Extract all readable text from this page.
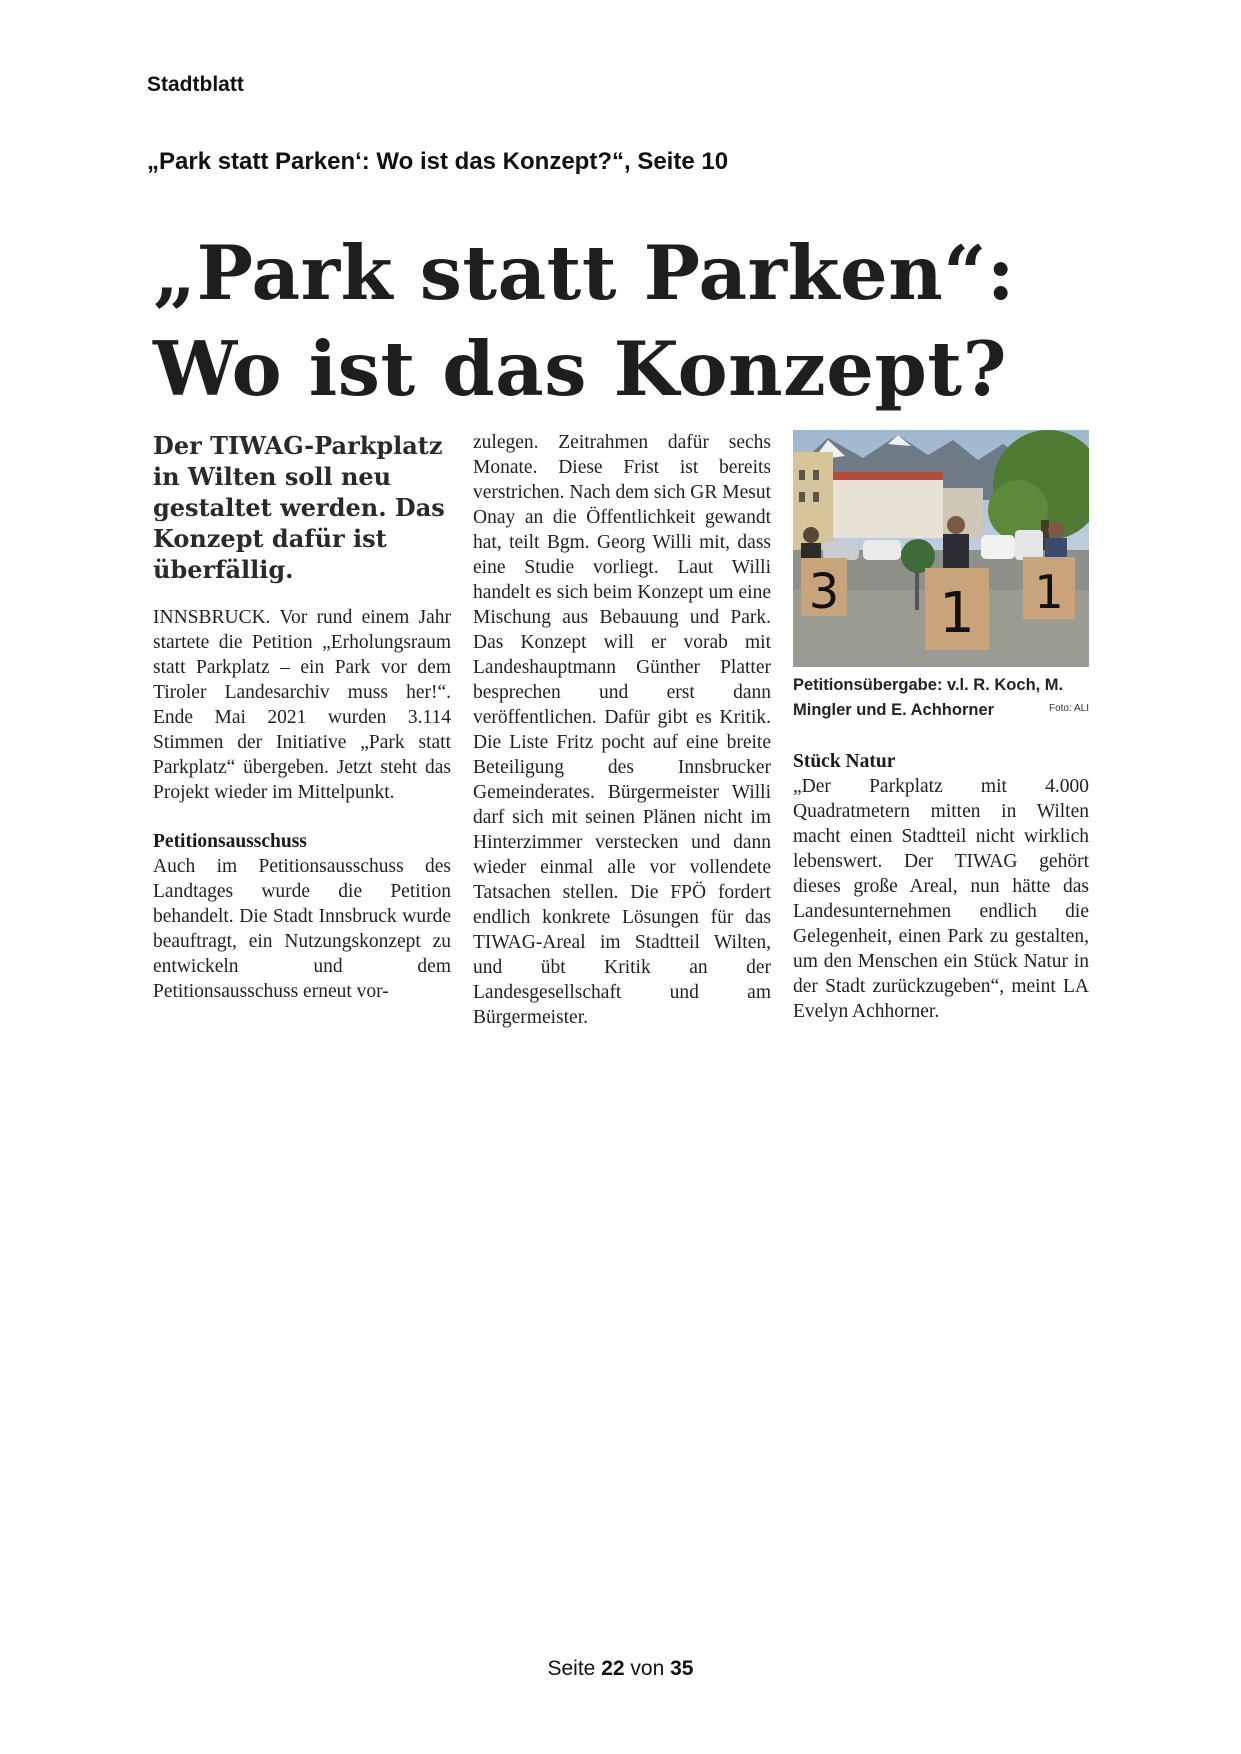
Stadtblatt
„Park statt Parken‘: Wo ist das Konzept?“, Seite 10
„Park statt Parken“:
Wo ist das Konzept?

Der TIWAG-Parkplatz in Wilten soll neu gestaltet werden. Das Konzept dafür ist überfällig.

INNSBRUCK. Vor rund einem Jahr startete die Petition „Erholungsraum statt Parkplatz – ein Park vor dem Tiroler Landesarchiv muss her!“. Ende Mai 2021 wurden 3.114 Stimmen der Initiative „Park statt Parkplatz“ übergeben. Jetzt steht das Projekt wieder im Mittelpunkt.

Petitionsausschuss

Auch im Petitionsausschuss des Landtages wurde die Petition behandelt. Die Stadt Innsbruck wurde beauftragt, ein Nutzungskonzept zu entwickeln und dem Petitionsausschuss erneut vor-

zulegen. Zeitrahmen dafür sechs Monate. Diese Frist ist bereits verstrichen. Nach dem sich GR Mesut Onay an die Öffentlichkeit gewandt hat, teilt Bgm. Georg Willi mit, dass eine Studie vorliegt. Laut Willi handelt es sich beim Konzept um eine Mischung aus Bebauung und Park. Das Konzept will er vorab mit Landeshauptmann Günther Platter besprechen und erst dann veröffentlichen. Dafür gibt es Kritik. Die Liste Fritz pocht auf eine breite Beteiligung des Innsbrucker Gemeinderates. Bürgermeister Willi darf sich mit seinen Plänen nicht im Hinterzimmer verstecken und dann wieder einmal alle vor vollendete Tatsachen stellen. Die FPÖ fordert endlich konkrete Lösungen für das TIWAG-Areal im Stadtteil Wilten, und übt Kritik an der Landesgesellschaft und am Bürgermeister.

3 1 1
Petitionsübergabe: v.l. R. Koch, M. Mingler und E. Achhorner	Foto: ALI

Stück Natur

„Der Parkplatz mit 4.000 Quadratmetern mitten in Wilten macht einen Stadtteil nicht wirklich lebenswert. Der TIWAG gehört dieses große Areal, nun hätte das Landesunternehmen endlich die Gelegenheit, einen Park zu gestalten, um den Menschen ein Stück Natur in der Stadt zurückzugeben“, meint LA Evelyn Achhorner.

Seite 22 von 35
